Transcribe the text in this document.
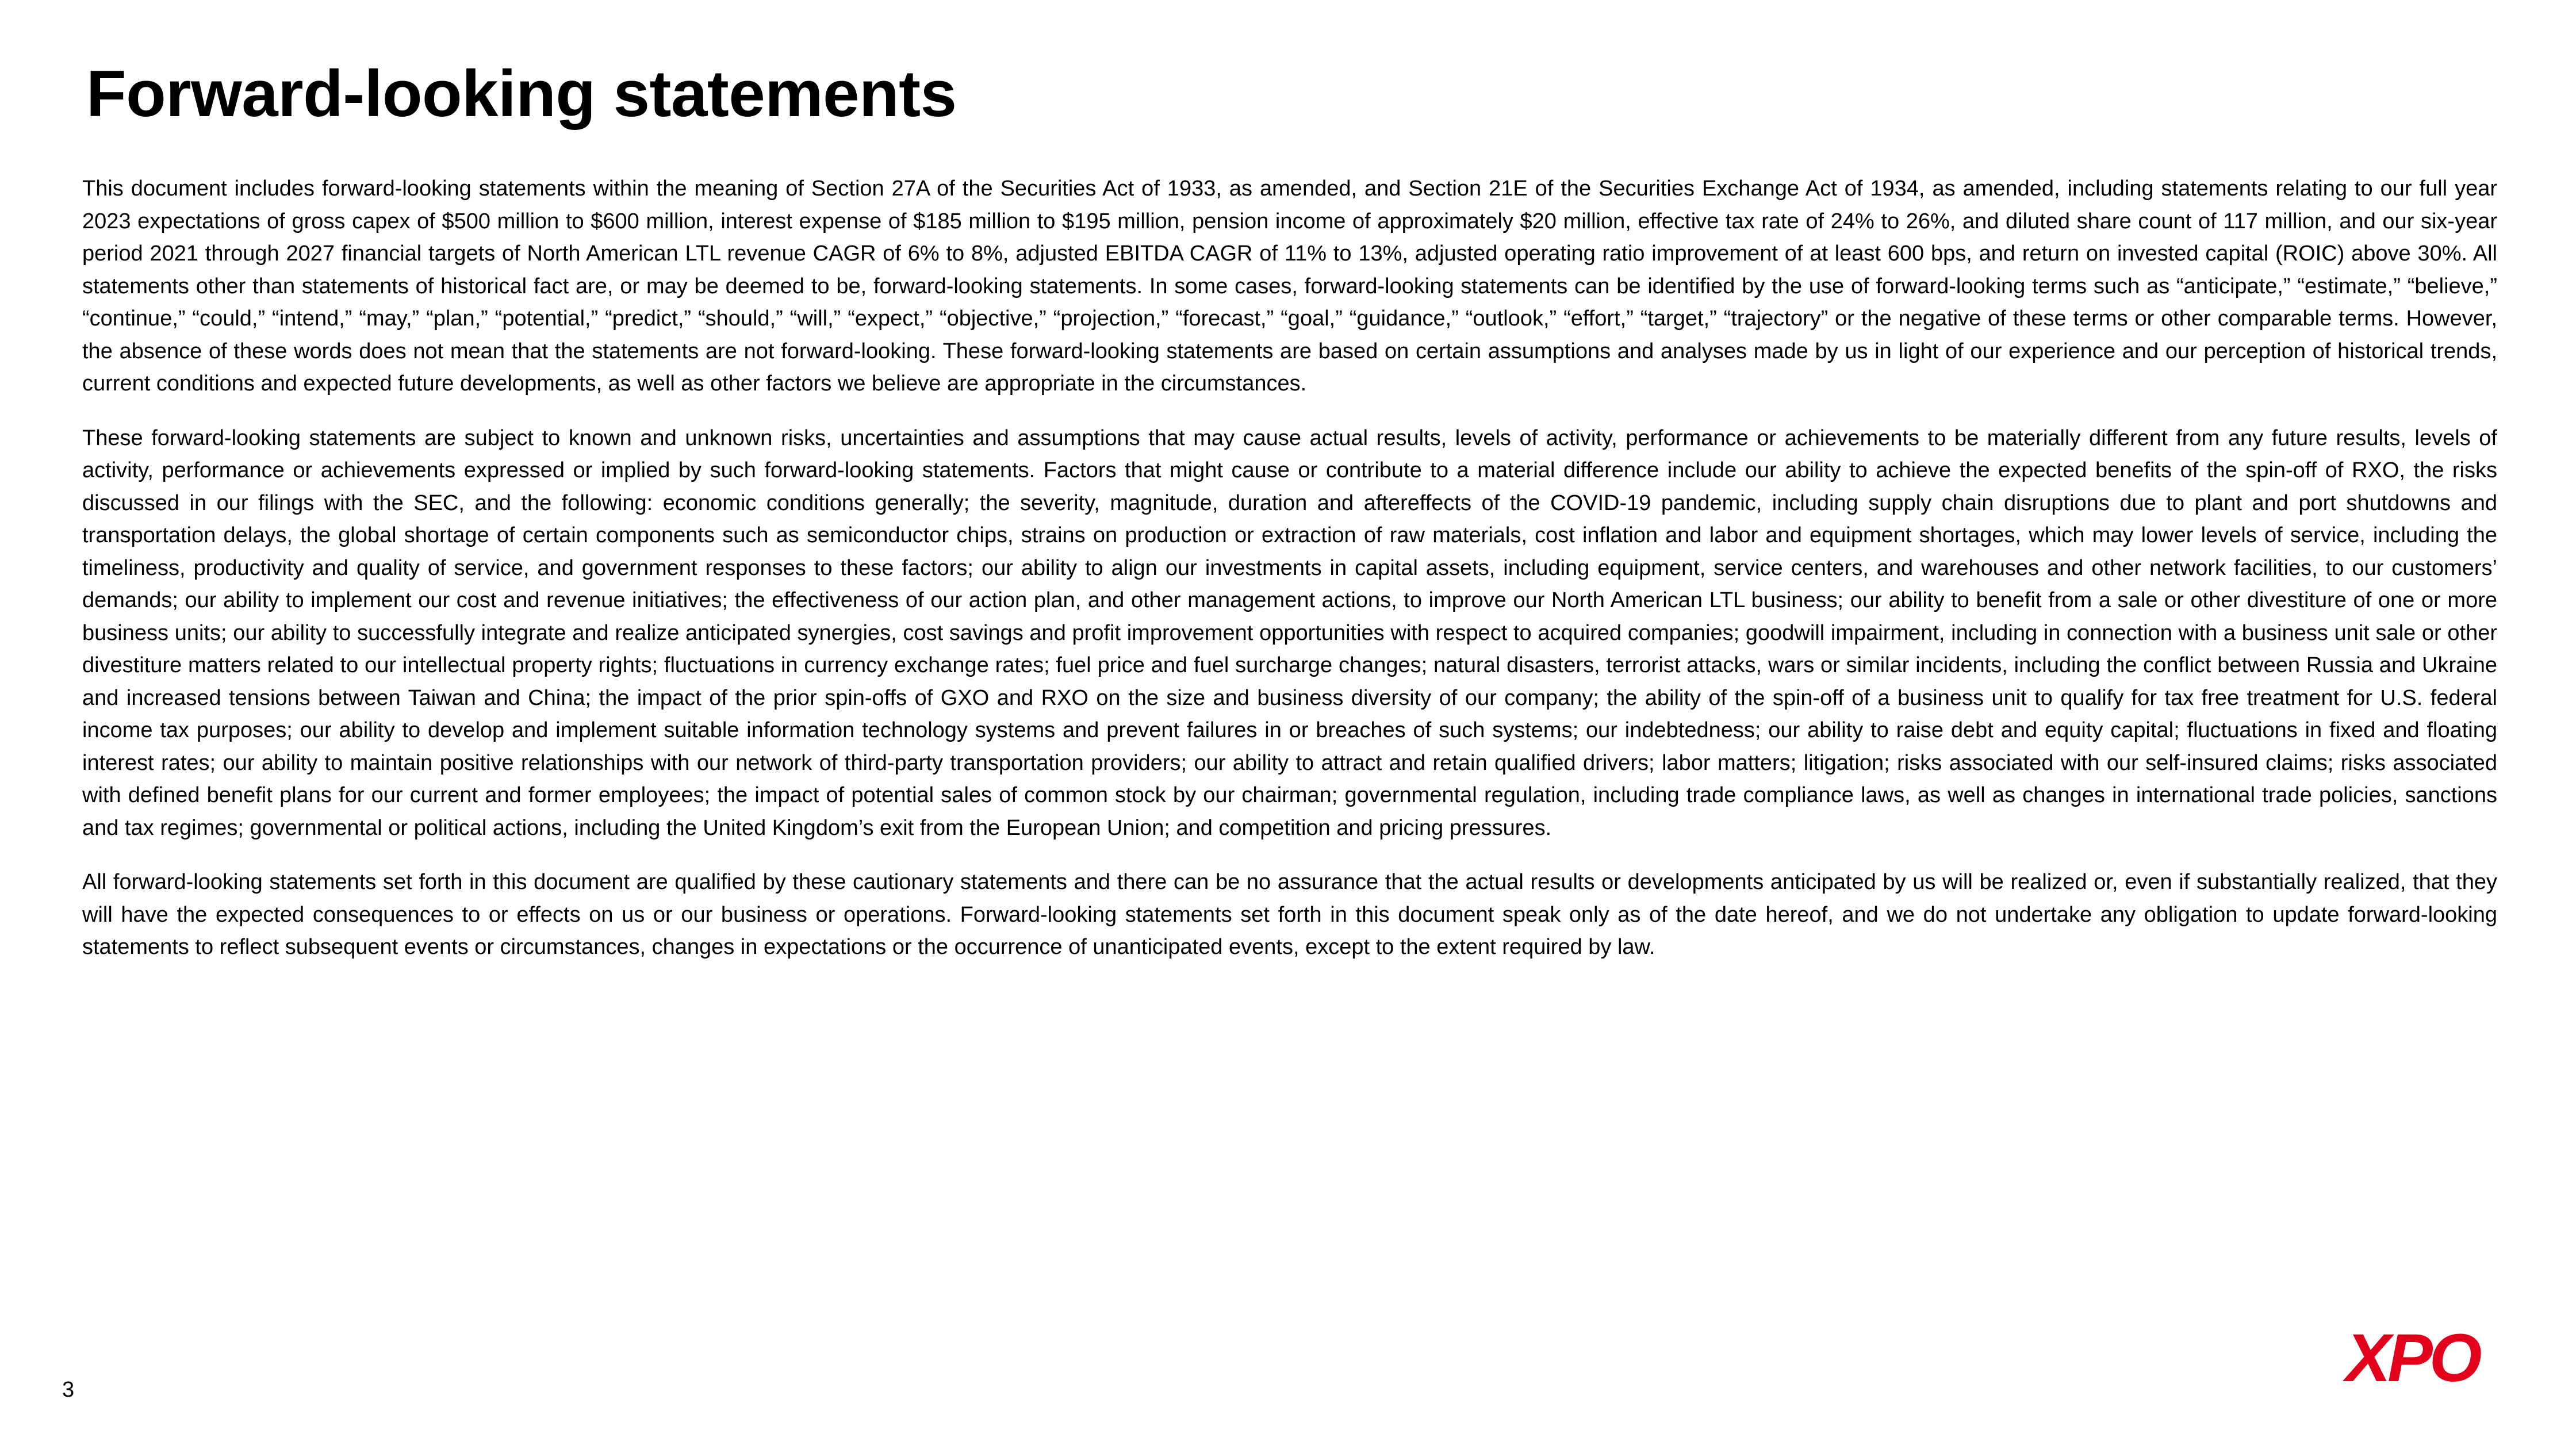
Forward-looking statements

This document includes forward-looking statements within the meaning of Section 27A of the Securities Act of 1933, as amended, and Section 21E of the Securities Exchange Act of 1934, as amended, including statements relating to our full year 2023 expectations of gross capex of $500 million to $600 million, interest expense of $185 million to $195 million, pension income of approximately $20 million, effective tax rate of 24% to 26%, and diluted share count of 117 million, and our six-year period 2021 through 2027 financial targets of North American LTL revenue CAGR of 6% to 8%, adjusted EBITDA CAGR of 11% to 13%, adjusted operating ratio improvement of at least 600 bps, and return on invested capital (ROIC) above 30%. All statements other than statements of historical fact are, or may be deemed to be, forward-looking statements. In some cases, forward-looking statements can be identified by the use of forward-looking terms such as “anticipate,” “estimate,” “believe,” “continue,” “could,” “intend,” “may,” “plan,” “potential,” “predict,” “should,” “will,” “expect,” “objective,” “projection,” “forecast,” “goal,” “guidance,” “outlook,” “effort,” “target,” “trajectory” or the negative of these terms or other comparable terms. However, the absence of these words does not mean that the statements are not forward-looking. These forward-looking statements are based on certain assumptions and analyses made by us in light of our experience and our perception of historical trends, current conditions and expected future developments, as well as other factors we believe are appropriate in the circumstances.

These forward-looking statements are subject to known and unknown risks, uncertainties and assumptions that may cause actual results, levels of activity, performance or achievements to be materially different from any future results, levels of activity, performance or achievements expressed or implied by such forward-looking statements. Factors that might cause or contribute to a material difference include our ability to achieve the expected benefits of the spin-off of RXO, the risks discussed in our filings with the SEC, and the following: economic conditions generally; the severity, magnitude, duration and aftereffects of the COVID-19 pandemic, including supply chain disruptions due to plant and port shutdowns and transportation delays, the global shortage of certain components such as semiconductor chips, strains on production or extraction of raw materials, cost inflation and labor and equipment shortages, which may lower levels of service, including the timeliness, productivity and quality of service, and government responses to these factors; our ability to align our investments in capital assets, including equipment, service centers, and warehouses and other network facilities, to our customers’ demands; our ability to implement our cost and revenue initiatives; the effectiveness of our action plan, and other management actions, to improve our North American LTL business; our ability to benefit from a sale or other divestiture of one or more business units; our ability to successfully integrate and realize anticipated synergies, cost savings and profit improvement opportunities with respect to acquired companies; goodwill impairment, including in connection with a business unit sale or other divestiture matters related to our intellectual property rights; fluctuations in currency exchange rates; fuel price and fuel surcharge changes; natural disasters, terrorist attacks, wars or similar incidents, including the conflict between Russia and Ukraine and increased tensions between Taiwan and China; the impact of the prior spin-offs of GXO and RXO on the size and business diversity of our company; the ability of the spin-off of a business unit to qualify for tax free treatment for U.S. federal income tax purposes; our ability to develop and implement suitable information technology systems and prevent failures in or breaches of such systems; our indebtedness; our ability to raise debt and equity capital; fluctuations in fixed and floating interest rates; our ability to maintain positive relationships with our network of third-party transportation providers; our ability to attract and retain qualified drivers; labor matters; litigation; risks associated with our self-insured claims; risks associated with defined benefit plans for our current and former employees; the impact of potential sales of common stock by our chairman; governmental regulation, including trade compliance laws, as well as changes in international trade policies, sanctions and tax regimes; governmental or political actions, including the United Kingdom’s exit from the European Union; and competition and pricing pressures.

All forward-looking statements set forth in this document are qualified by these cautionary statements and there can be no assurance that the actual results or developments anticipated by us will be realized or, even if substantially realized, that they will have the expected consequences to or effects on us or our business or operations. Forward-looking statements set forth in this document speak only as of the date hereof, and we do not undertake any obligation to update forward-looking statements to reflect subsequent events or circumstances, changes in expectations or the occurrence of unanticipated events, except to the extent required by law.

3	XPO
